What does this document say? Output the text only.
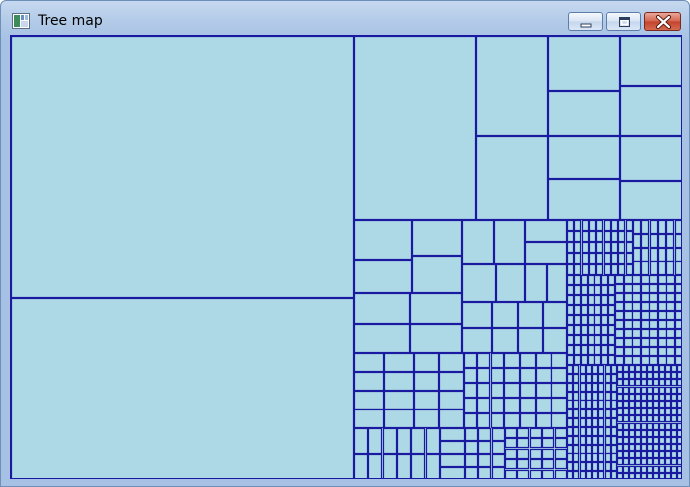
Tree map
